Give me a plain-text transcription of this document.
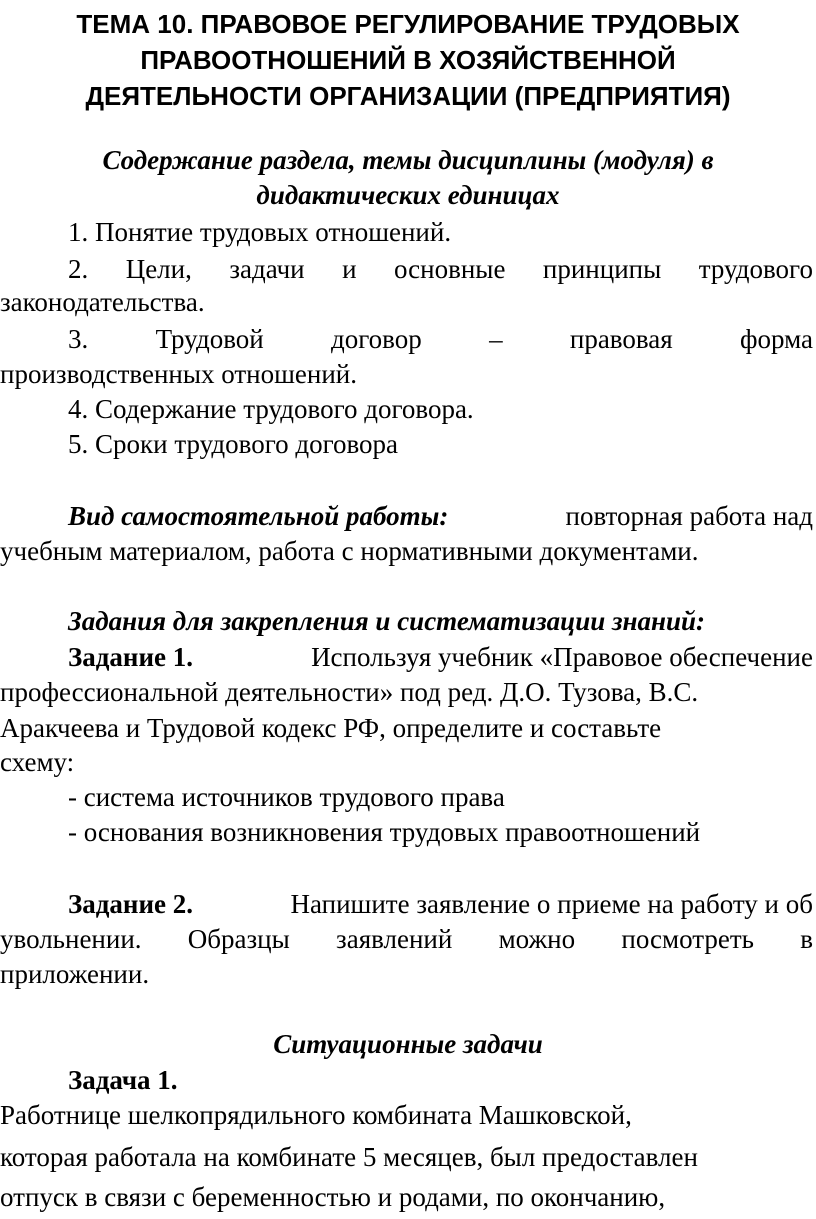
ТЕМА 10. ПРАВОВОЕ РЕГУЛИРОВАНИЕ ТРУДОВЫХ
ПРАВООТНОШЕНИЙ В ХОЗЯЙСТВЕННОЙ
ДЕЯТЕЛЬНОСТИ ОРГАНИЗАЦИИ (ПРЕДПРИЯТИЯ)
Содержание раздела, темы дисциплины (модуля) в
дидактических единицах
1. Понятие трудовых отношений.
2. Цели, задачи и основные принципы трудового
законодательства.
3. Трудовой договор – правовая форма
производственных отношений.
4. Содержание трудового договора.
5. Сроки трудового договора
Вид самостоятельной работы:	повторная работа над
учебным материалом, работа с нормативными документами.
Задания для закрепления и систематизации знаний:
Задание 1.	Используя учебник «Правовое обеспечение
профессиональной деятельности» под ред. Д.О. Тузова, В.С.
Аракчеева и Трудовой кодекс РФ, определите и составьте
схему:
- система источников трудового права
- основания возникновения трудовых правоотношений
Задание 2.	Напишите заявление о приеме на работу и об
увольнении. Образцы заявлений можно посмотреть в
приложении.
Ситуационные задачи
Задача 1.
Работнице шелкопрядильного комбината Машковской,
которая работала на комбинате 5 месяцев, был предоставлен
отпуск в связи с беременностью и родами, по окончанию,
